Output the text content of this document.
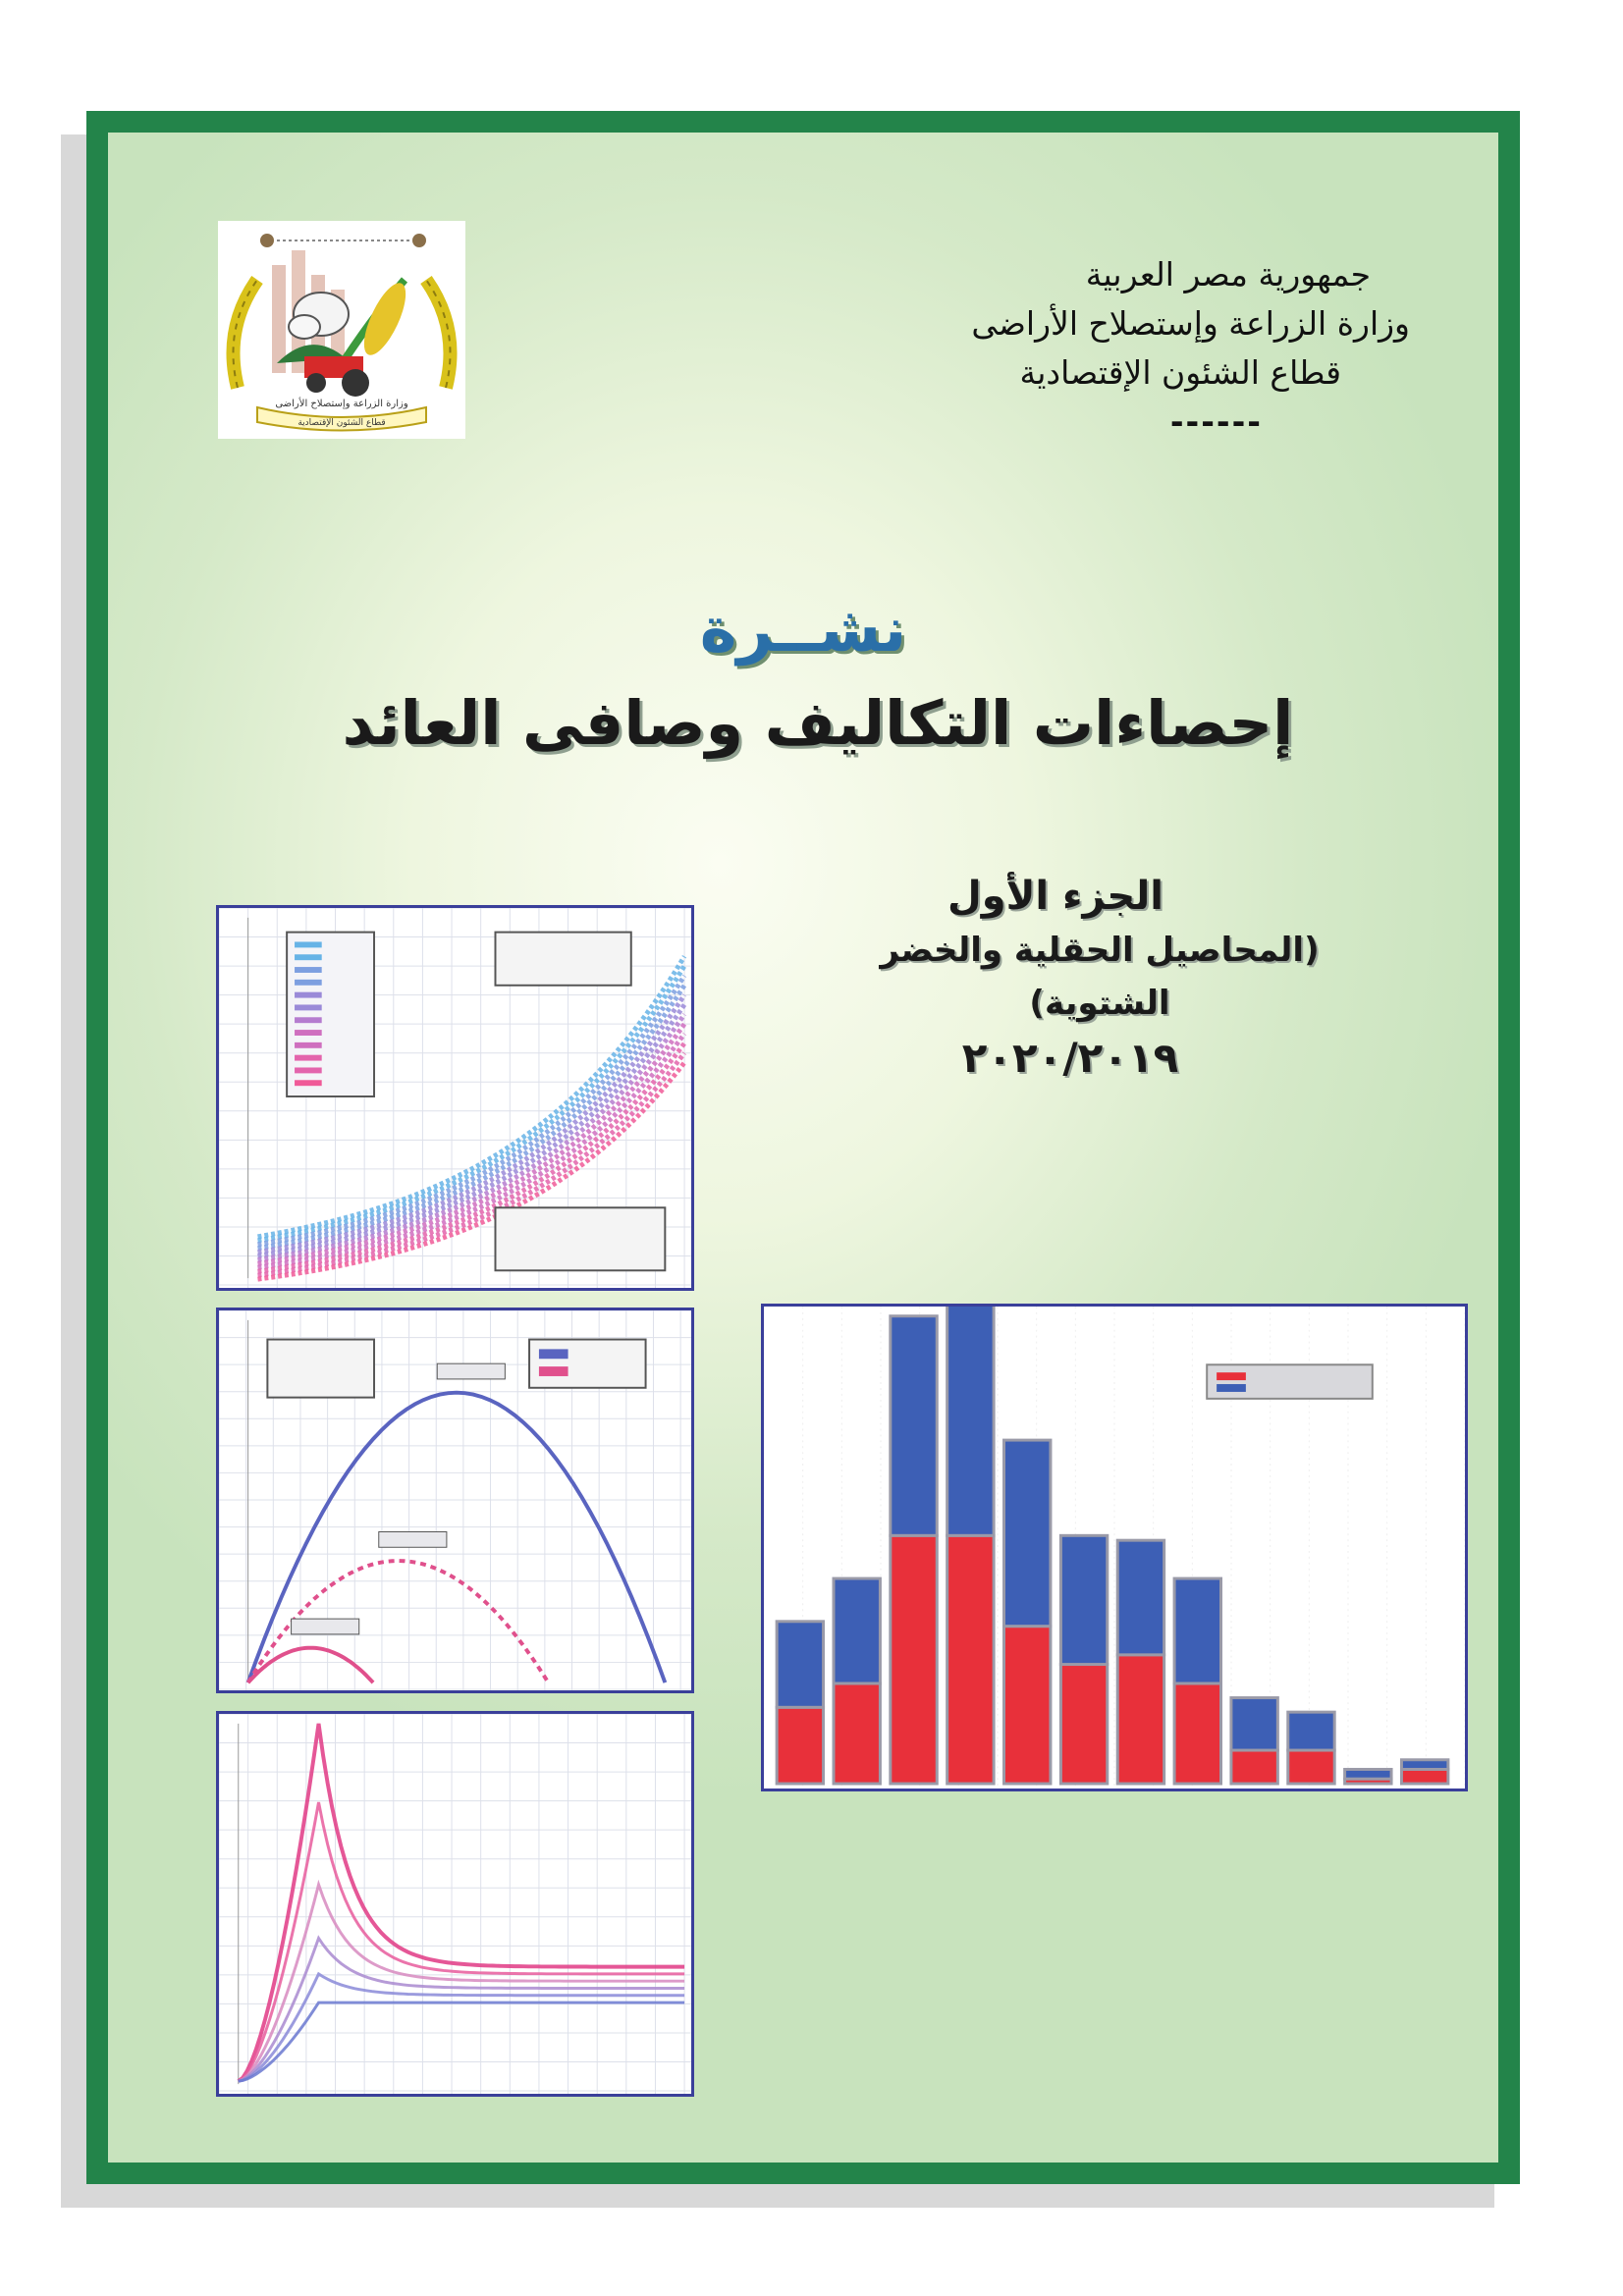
وزارة الزراعة وإستصلاح الأراضى
قطاع الشئون الإقتصادية
جمهورية مصر العربية
وزارة الزراعة وإستصلاح الأراضى
قطاع الشئون الإقتصادية
------
نشــرة
إحصاءات التكاليف وصافى العائد
الجزء الأول
(المحاصيل الحقلية والخضر الشتوية)
٢٠٢٠/٢٠١٩
